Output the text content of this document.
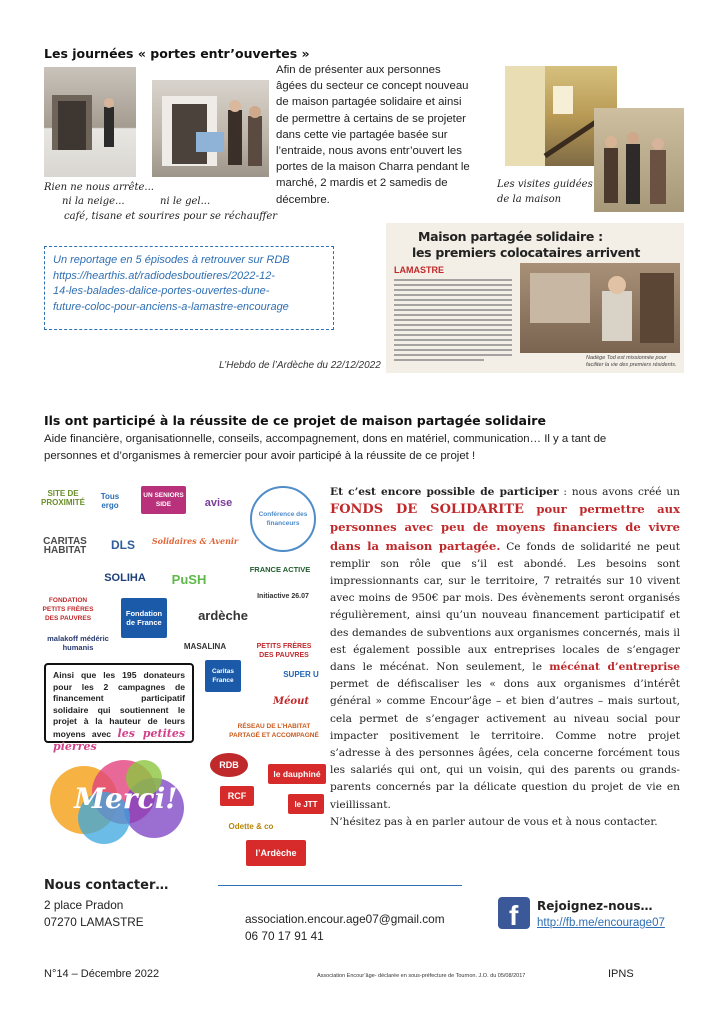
Les journées « portes entr’ouvertes »
Rien ne nous arrête...
ni la neige...	ni le gel...
café, tisane et sourires pour se réchauffer
Afin de présenter aux personnes
âgées du secteur ce concept nouveau
de maison partagée solidaire et ainsi
de permettre à certains de se projeter
dans cette vie partagée basée sur
l’entraide, nous avons entr’ouvert les
portes de la maison Charra pendant le
marché, 2 mardis et 2 samedis de
décembre.
Les visites guidées
de la maison
Un reportage en 5 épisodes à retrouver sur RDB
https://hearthis.at/radiodesboutieres/2022-12-
14-les-balades-dalice-portes-ouvertes-dune-
future-coloc-pour-anciens-a-lamastre-encourage
L’Hebdo de l’Ardèche du 22/12/2022
Maison partagée solidaire :
les premiers colocataires arrivent
LAMASTRE
Nadège Tod est missionnée pour faciliter la vie des premiers résidents.
Ils ont participé à la réussite de ce projet de maison partagée solidaire
Aide financière, organisationnelle, conseils, accompagnement, dons en matériel, communication… Il y a tant de
personnes et d’organismes à remercier pour avoir participé à la réussite de ce projet !
SITE DE PROXIMITÉ
Tous ergo
UN SENIORS SIDE	avise
Conférence des financeurs
CARITAS HABITAT	DLS	Solidaires & Avenir
SOLIHA	PuSH
FRANCE ACTIVE
FONDATION PETITS FRÈRES DES PAUVRES	Fondation de France
Initiactive 26.07
ardèche
malakoff médéric humanis	MASALINA	PETITS FRÈRES DES PAUVRES
SUPER U
Caritas France
Méout
RÉSEAU DE L’HABITAT PARTAGÉ ET ACCOMPAGNÉ
Ainsi que les 195 donateurs pour les 2 campagnes de financement participatif solidaire qui soutiennent le projet à la hauteur de leurs moyens avec les petites pierres
Merci!
RDB
le dauphiné
RCF
le JTT
Odette & co
l’Ardèche
Et c’est encore possible de participer : nous avons créé un FONDS DE SOLIDARITE pour permettre aux personnes avec peu de moyens financiers de vivre dans la maison partagée. Ce fonds de solidarité ne peut remplir son rôle que s’il est abondé. Les besoins sont impressionnants car, sur le territoire, 7 retraités sur 10 vivent avec moins de 950€ par mois. Des évènements seront organisés régulièrement, ainsi qu’un nouveau financement participatif et des demandes de subventions aux organismes concernés, mais il est également possible aux entreprises locales de s’engager dans le mécénat. Non seulement, le mécénat d’entreprise permet de défiscaliser les « dons aux organismes d’intérêt général » comme Encour’âge – et bien d’autres – mais surtout, cela permet de s’engager activement au niveau social pour impacter positivement le territoire. Comme notre projet s’adresse à des personnes âgées, cela concerne forcément tous les salariés qui ont, qui un voisin, qui des parents ou grands-parents concernés par la délicate question du projet de vie en vieillissant.
N’hésitez pas à en parler autour de vous et à nous contacter.
Nous contacter…
2 place Pradon
07270 LAMASTRE	association.encour.age07@gmail.com
06 70 17 91 41
f Rejoignez-nous…
http://fb.me/encourage07
N°14 – Décembre 2022	Association Encour’âge- déclarée en sous-préfecture de Tournon. J.O. du 05/08/2017	IPNS
